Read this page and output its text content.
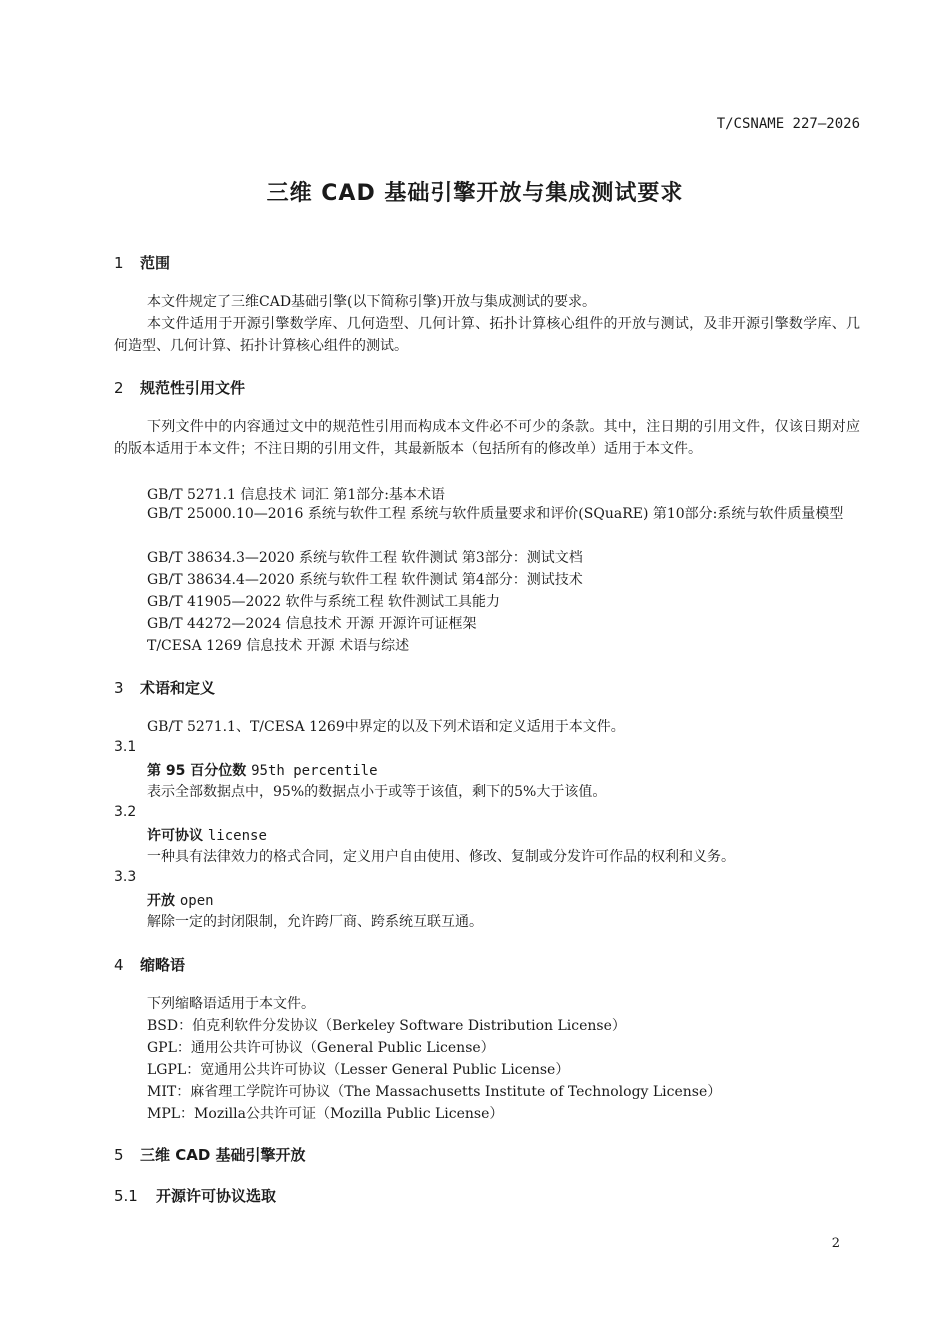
T/CSNAME 227—2026
三维 CAD 基础引擎开放与集成测试要求
1 范围
本文件规定了三维CAD基础引擎(以下简称引擎)开放与集成测试的要求。
本文件适用于开源引擎数学库、几何造型、几何计算、拓扑计算核心组件的开放与测试，及非开源引擎数学库、几何造型、几何计算、拓扑计算核心组件的测试。
2 规范性引用文件
下列文件中的内容通过文中的规范性引用而构成本文件必不可少的条款。其中，注日期的引用文件，仅该日期对应的版本适用于本文件；不注日期的引用文件，其最新版本（包括所有的修改单）适用于本文件。
GB/T 5271.1 信息技术 词汇 第1部分:基本术语
GB/T 25000.10—2016 系统与软件工程 系统与软件质量要求和评价(SQuaRE) 第10部分:系统与软件质量模型
GB/T 38634.3—2020 系统与软件工程 软件测试 第3部分：测试文档
GB/T 38634.4—2020 系统与软件工程 软件测试 第4部分：测试技术
GB/T 41905—2022 软件与系统工程 软件测试工具能力
GB/T 44272—2024 信息技术 开源 开源许可证框架
T/CESA 1269 信息技术 开源 术语与综述
3 术语和定义
GB/T 5271.1、T/CESA 1269中界定的以及下列术语和定义适用于本文件。
3.1
第 95 百分位数 95th percentile
表示全部数据点中，95%的数据点小于或等于该值，剩下的5%大于该值。
3.2
许可协议 license
一种具有法律效力的格式合同，定义用户自由使用、修改、复制或分发许可作品的权利和义务。
3.3
开放 open
解除一定的封闭限制，允许跨厂商、跨系统互联互通。
4 缩略语
下列缩略语适用于本文件。
BSD：伯克利软件分发协议（Berkeley Software Distribution License）
GPL：通用公共许可协议（General Public License）
LGPL：宽通用公共许可协议（Lesser General Public License）
MIT：麻省理工学院许可协议（The Massachusetts Institute of Technology License）
MPL：Mozilla公共许可证（Mozilla Public License）
5 三维 CAD 基础引擎开放
5.1 开源许可协议选取
2
